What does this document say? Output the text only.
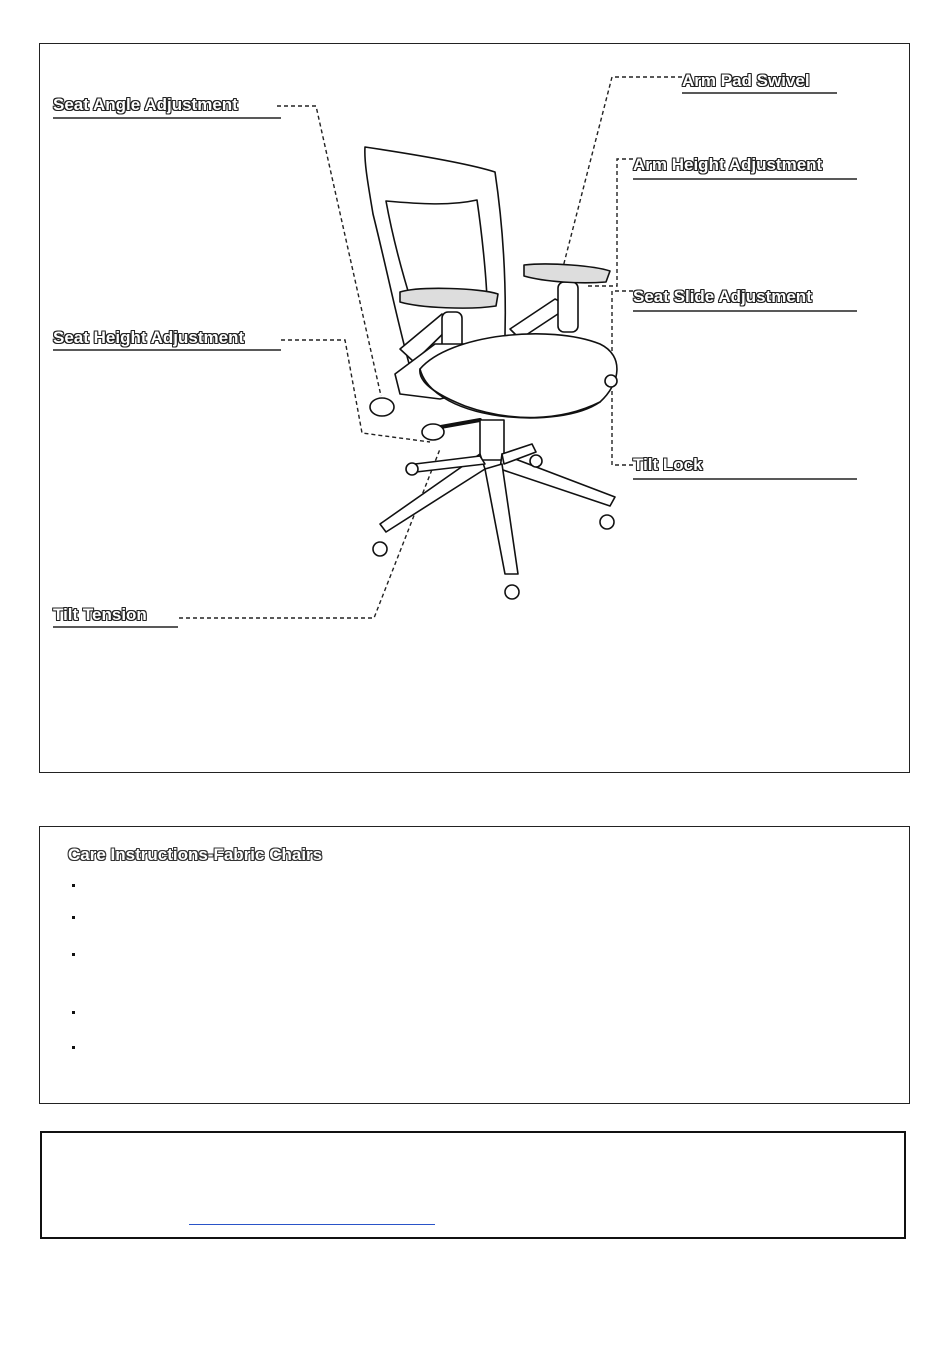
Seat Angle Adjustment
Seat Height Adjustment
Tilt Tension
Arm Pad Swivel
Arm Height Adjustment
Seat Slide Adjustment
Tilt Lock
Care Instructions-Fabric Chairs
